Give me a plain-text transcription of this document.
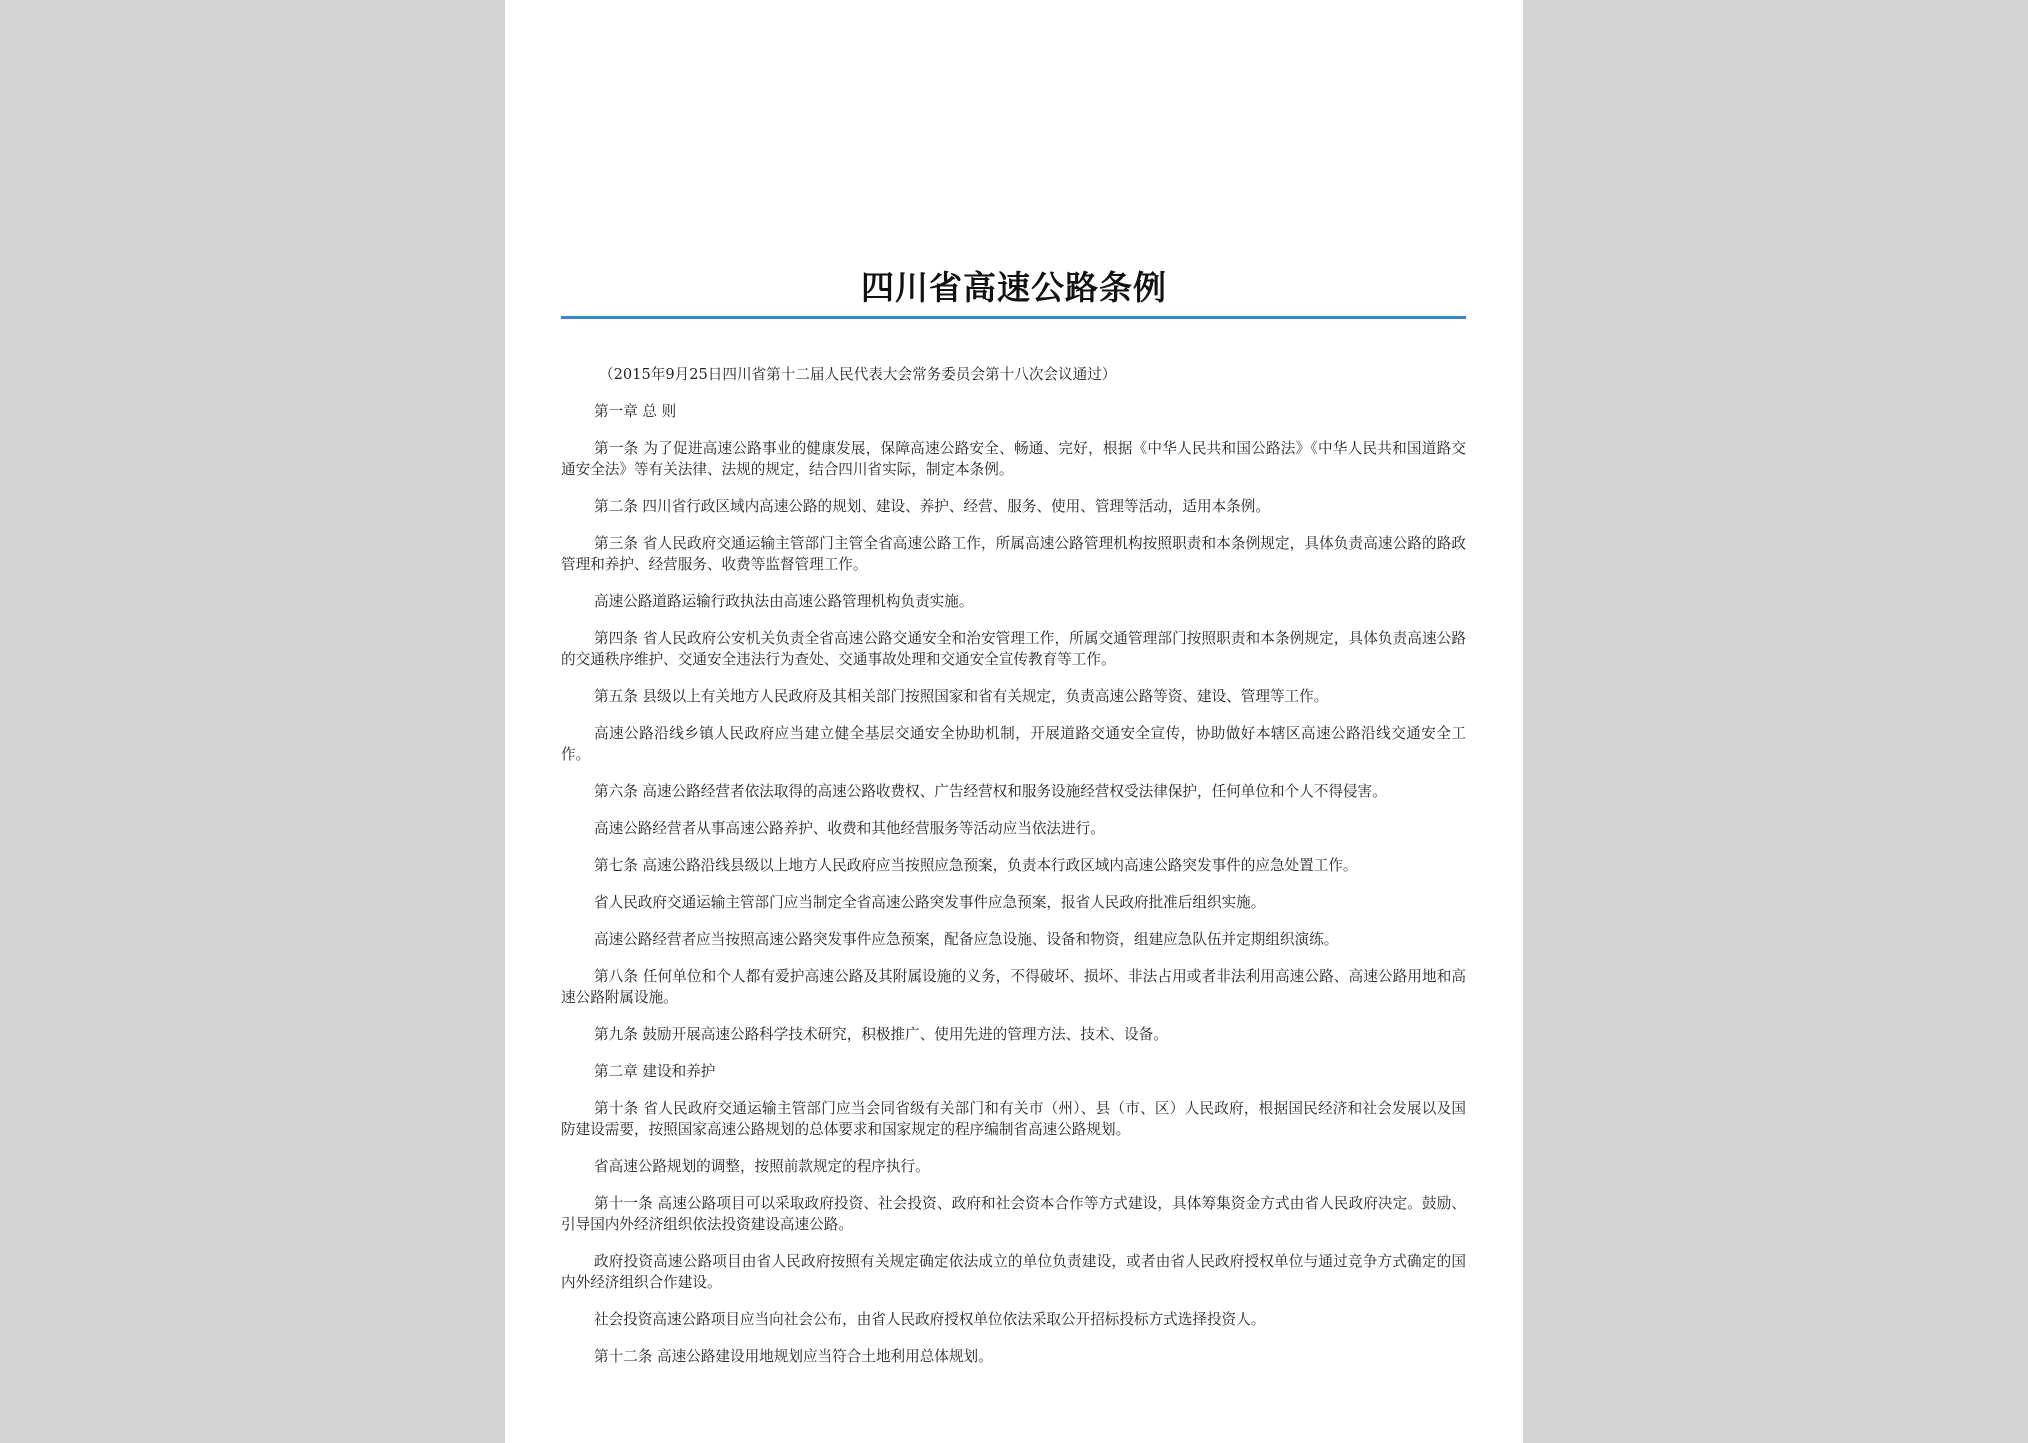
四川省高速公路条例

（2015年9月25日四川省第十二届人民代表大会常务委员会第十八次会议通过）

第一章 总 则

第一条 为了促进高速公路事业的健康发展，保障高速公路安全、畅通、完好，根据《中华人民共和国公路法》《中华人民共和国道路交通安全法》等有关法律、法规的规定，结合四川省实际，制定本条例。

第二条 四川省行政区域内高速公路的规划、建设、养护、经营、服务、使用、管理等活动，适用本条例。

第三条 省人民政府交通运输主管部门主管全省高速公路工作，所属高速公路管理机构按照职责和本条例规定，具体负责高速公路的路政管理和养护、经营服务、收费等监督管理工作。

高速公路道路运输行政执法由高速公路管理机构负责实施。

第四条 省人民政府公安机关负责全省高速公路交通安全和治安管理工作，所属交通管理部门按照职责和本条例规定，具体负责高速公路的交通秩序维护、交通安全违法行为查处、交通事故处理和交通安全宣传教育等工作。

第五条 县级以上有关地方人民政府及其相关部门按照国家和省有关规定，负责高速公路等资、建设、管理等工作。

高速公路沿线乡镇人民政府应当建立健全基层交通安全协助机制，开展道路交通安全宣传，协助做好本辖区高速公路沿线交通安全工作。

第六条 高速公路经营者依法取得的高速公路收费权、广告经营权和服务设施经营权受法律保护，任何单位和个人不得侵害。

高速公路经营者从事高速公路养护、收费和其他经营服务等活动应当依法进行。

第七条 高速公路沿线县级以上地方人民政府应当按照应急预案，负责本行政区域内高速公路突发事件的应急处置工作。

省人民政府交通运输主管部门应当制定全省高速公路突发事件应急预案，报省人民政府批准后组织实施。

高速公路经营者应当按照高速公路突发事件应急预案，配备应急设施、设备和物资，组建应急队伍并定期组织演练。

第八条 任何单位和个人都有爱护高速公路及其附属设施的义务，不得破坏、损坏、非法占用或者非法利用高速公路、高速公路用地和高速公路附属设施。

第九条 鼓励开展高速公路科学技术研究，积极推广、使用先进的管理方法、技术、设备。

第二章 建设和养护

第十条 省人民政府交通运输主管部门应当会同省级有关部门和有关市（州）、县（市、区）人民政府，根据国民经济和社会发展以及国防建设需要，按照国家高速公路规划的总体要求和国家规定的程序编制省高速公路规划。

省高速公路规划的调整，按照前款规定的程序执行。

第十一条 高速公路项目可以采取政府投资、社会投资、政府和社会资本合作等方式建设，具体筹集资金方式由省人民政府决定。鼓励、引导国内外经济组织依法投资建设高速公路。

政府投资高速公路项目由省人民政府按照有关规定确定依法成立的单位负责建设，或者由省人民政府授权单位与通过竞争方式确定的国内外经济组织合作建设。

社会投资高速公路项目应当向社会公布，由省人民政府授权单位依法采取公开招标投标方式选择投资人。

第十二条 高速公路建设用地规划应当符合土地利用总体规划。
